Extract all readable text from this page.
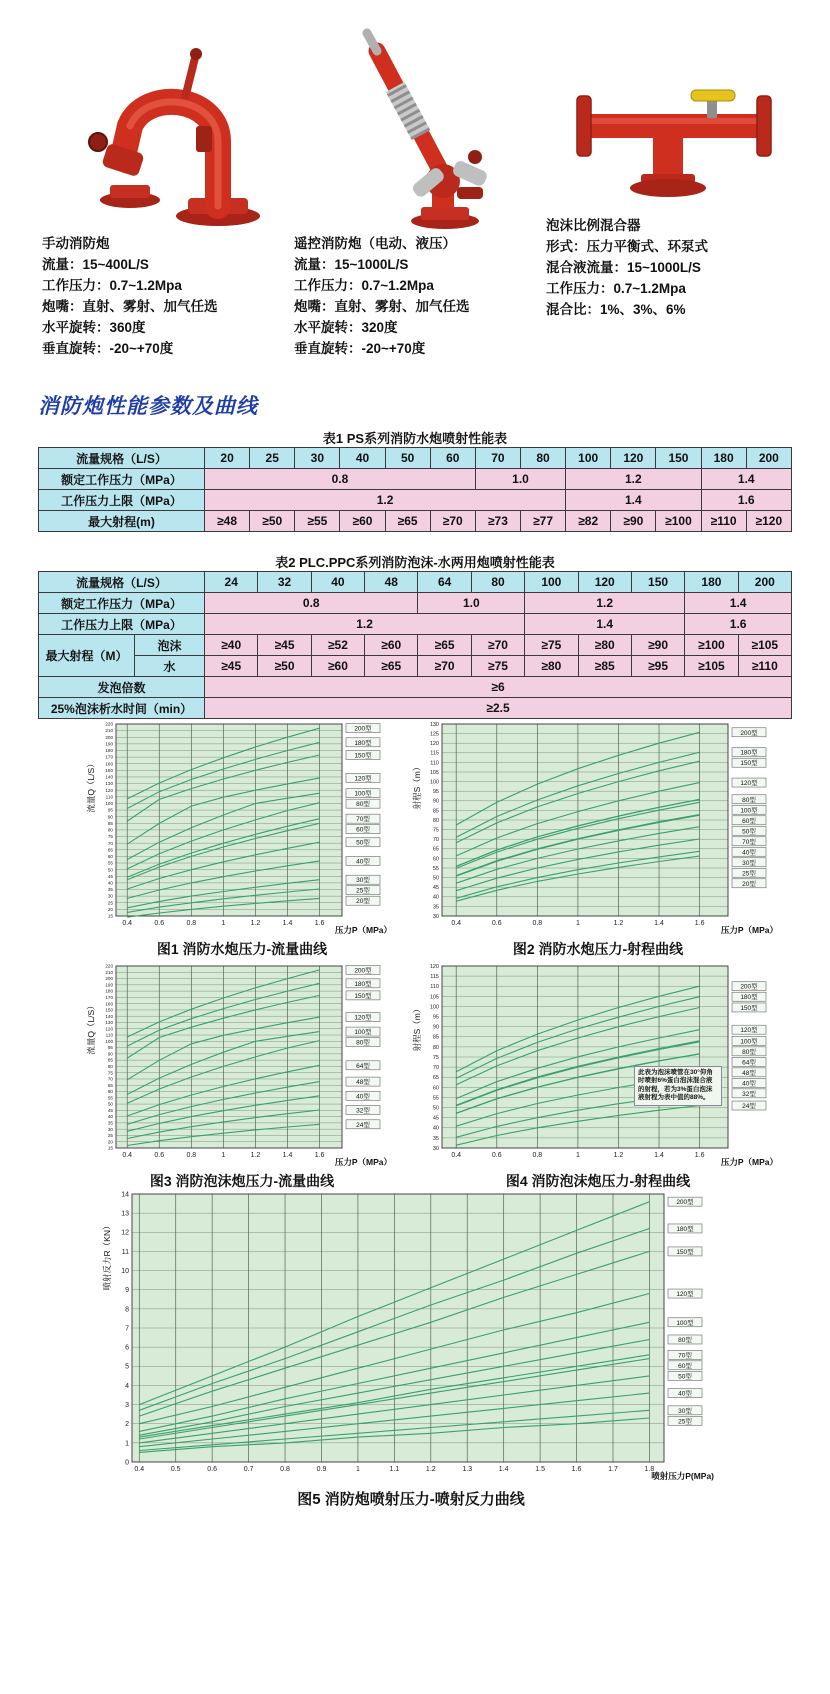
手动消防炮
流量：15~400L/S
工作压力：0.7~1.2Mpa
炮嘴：直射、雾射、加气任选
水平旋转：360度
垂直旋转：-20~+70度
遥控消防炮（电动、液压）
流量：15~1000L/S
工作压力：0.7~1.2Mpa
炮嘴：直射、雾射、加气任选
水平旋转：320度
垂直旋转：-20~+70度
泡沫比例混合器
形式：压力平衡式、环泵式
混合液流量：15~1000L/S
工作压力：0.7~1.2Mpa
混合比：1%、3%、6%
消防炮性能参数及曲线
表1 PS系列消防水炮喷射性能表
流量规格（L/S）	20	25	30	40	50	60	70	80	100	120	150	180	200
额定工作压力（MPa）	0.8						1.0		1.2			1.4	
工作压力上限（MPa）	1.2								1.4			1.6	
最大射程(m)	≥48	≥50	≥55	≥60	≥65	≥70	≥73	≥77	≥82	≥90	≥100	≥110	≥120
表2 PLC.PPC系列消防泡沫-水两用炮喷射性能表
流量规格（L/S）		24	32	40	48	64	80	100	120	150	180	200
额定工作压力（MPa）		0.8				1.0		1.2			1.4	
工作压力上限（MPa）		1.2						1.4			1.6	
最大射程（M）	泡沫	≥40	≥45	≥52	≥60	≥65	≥70	≥75	≥80	≥90	≥100	≥105
	水	≥45	≥50	≥60	≥65	≥70	≥75	≥80	≥85	≥95	≥105	≥110
发泡倍数		≥6										
25%泡沫析水时间（min）		≥2.5										
220
210
200
190
180
170
160
150
140
130
120
110
100
95
90
85
80
75
70
65
60
55
50
45
40
35
30
25
20
15
0.4	0.6	0.8	1	1.2	1.4	1.6
200型
180型
150型
120型
100型
80型
70型
60型
50型
40型
30型
25型
20型
流量Q（L/S）
压力P（MPa）
图1 消防水炮压力-流量曲线
130
125
120
115
110
105
100
95
90
85
80
75
70
65
60
55
50
45
40
35
30
0.4	0.6	0.8	1	1.2	1.4	1.6
200型
180型
150型
120型
80型
100型
60型
50型
70型
40型
30型
25型
20型
射程S（m）
压力P（MPa）
图2 消防水炮压力-射程曲线
220
210
200
190
180
170
160
150
140
130
120
110
100
95
90
85
80
75
70
65
60
55
50
45
40
35
30
25
20
15
0.4	0.6	0.8	1	1.2	1.4	1.6
200型
180型
150型
120型
100型
80型
64型
48型
40型
32型
24型
流量Q（L/S）
压力P（MPa）
图3 消防泡沫炮压力-流量曲线
120
115
110
105
100
95
90
85
80
75
70
65
60
55
50
45
40
35
30
0.4	0.6	0.8	1	1.2	1.4	1.6
200型
180型
150型
120型
100型
80型
64型
48型
40型
32型
24型
射程S（m）
压力P（MPa）
此表为泡沫喷管在30°仰角时喷射6%蛋白泡沫混合液的射程，若为3%蛋白泡沫液射程为表中值的88%。
图4 消防泡沫炮压力-射程曲线
14
13
12
11
10
9
8
7
6
5
4
3
2
1
0
0.4	0.5	0.6	0.7	0.8	0.9	1	1.1	1.2	1.3	1.4	1.5	1.6	1.7	1.8
200型
180型
150型
120型
100型
80型
70型
60型
50型
40型
30型
25型
喷射反力R（KN）
喷射压力P(MPa)
图5 消防炮喷射压力-喷射反力曲线
